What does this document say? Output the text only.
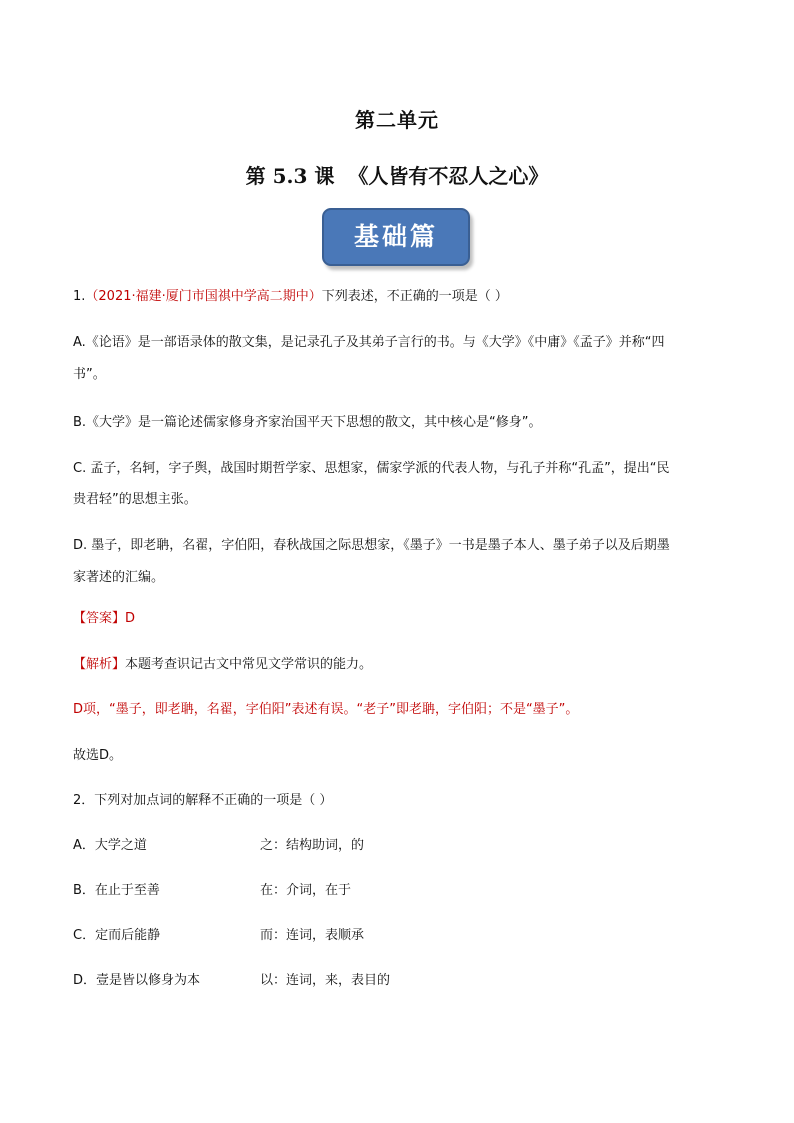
第二单元
第 5.3 课  《人皆有不忍人之心》
基础篇
1.（2021·福建·厦门市国祺中学高二期中）下列表述，不正确的一项是（ ）
A.《论语》是一部语录体的散文集，是记录孔子及其弟子言行的书。与《大学》《中庸》《孟子》并称“四
书”。
B.《大学》是一篇论述儒家修身齐家治国平天下思想的散文，其中核心是“修身”。
C. 孟子，名轲，字子舆，战国时期哲学家、思想家，儒家学派的代表人物，与孔子并称“孔孟”，提出“民
贵君轻”的思想主张。
D. 墨子，即老聃，名翟，字伯阳，春秋战国之际思想家，《墨子》一书是墨子本人、墨子弟子以及后期墨
家著述的汇编。
【答案】D
【解析】本题考查识记古文中常见文学常识的能力。
D项，“墨子，即老聃，名翟，字伯阳”表述有误。“老子”即老聃，字伯阳；不是“墨子”。
故选D。
2．下列对加点词的解释不正确的一项是（ ）
A．大学之道	之：结构助词，的
B．在止于至善	在：介词，在于
C．定而后能静	而：连词，表顺承
D．壹是皆以修身为本	以：连词，来，表目的
